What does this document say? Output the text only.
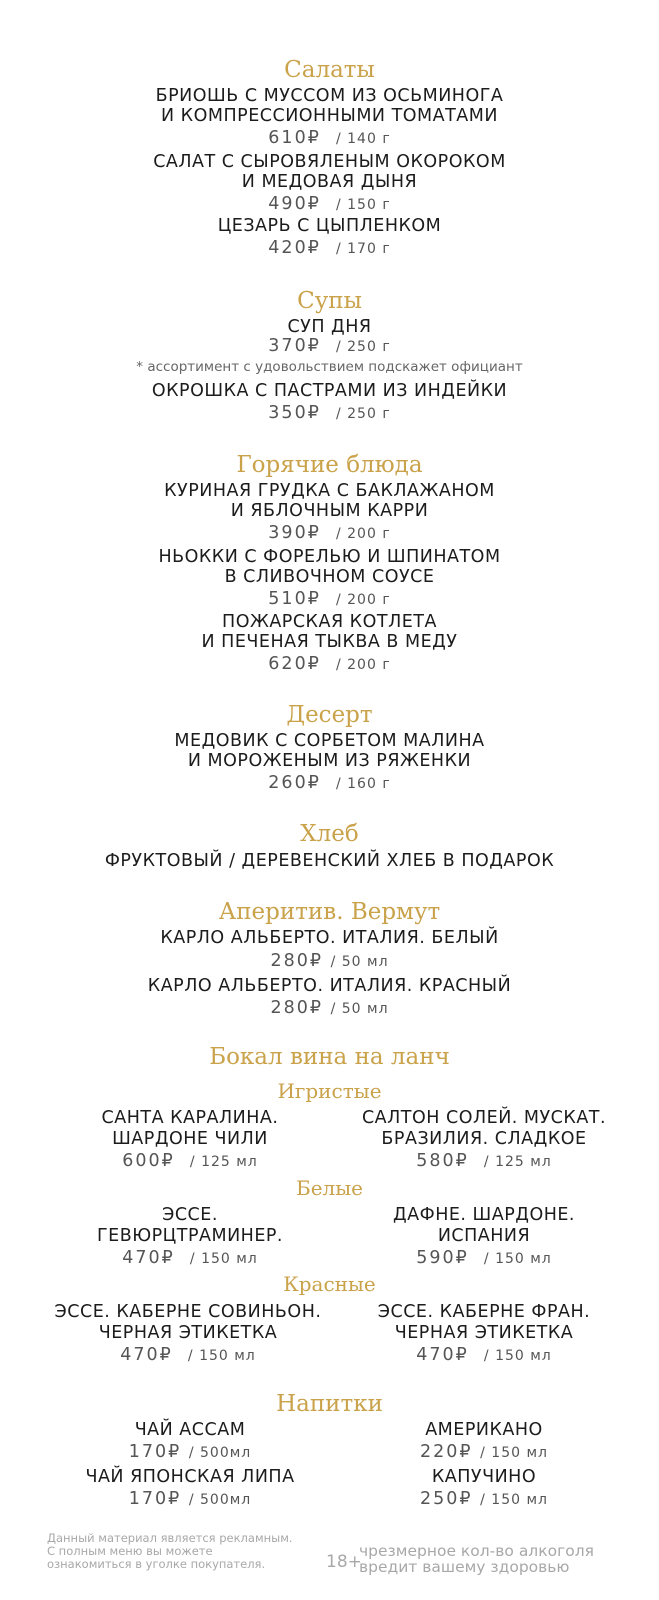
Салаты
БРИОШЬ С МУССОМ ИЗ ОСЬМИНОГА
И КОМПРЕССИОННЫМИ ТОМАТАМИ
610₽ / 140 г
САЛАТ С СЫРОВЯЛЕНЫМ ОКОРОКОМ
И МЕДОВАЯ ДЫНЯ
490₽ / 150 г
ЦЕЗАРЬ С ЦЫПЛЕНКОМ
420₽ / 170 г
Супы
СУП ДНЯ
370₽ / 250 г
* ассортимент с удовольствием подскажет официант
ОКРОШКА С ПАСТРАМИ ИЗ ИНДЕЙКИ
350₽ / 250 г
Горячие блюда
КУРИНАЯ ГРУДКА С БАКЛАЖАНОМ
И ЯБЛОЧНЫМ КАРРИ
390₽ / 200 г
НЬОККИ С ФОРЕЛЬЮ И ШПИНАТОМ
В СЛИВОЧНОМ СОУСЕ
510₽ / 200 г
ПОЖАРСКАЯ КОТЛЕТА
И ПЕЧЕНАЯ ТЫКВА В МЕДУ
620₽ / 200 г
Десерт
МЕДОВИК С СОРБЕТОМ МАЛИНА
И МОРОЖЕНЫМ ИЗ РЯЖЕНКИ
260₽ / 160 г
Хлеб
ФРУКТОВЫЙ / ДЕРЕВЕНСКИЙ ХЛЕБ В ПОДАРОК
Аперитив. Вермут
КАРЛО АЛЬБЕРТО. ИТАЛИЯ. БЕЛЫЙ
280₽ / 50 мл
КАРЛО АЛЬБЕРТО. ИТАЛИЯ. КРАСНЫЙ
280₽ / 50 мл
Бокал вина на ланч
Игристые
САНТА КАРАЛИНА.
ШАРДОНЕ ЧИЛИ
600₽ / 125 мл
САЛТОН СОЛЕЙ. МУСКАТ.
БРАЗИЛИЯ. СЛАДКОЕ
580₽ / 125 мл
Белые
ЭССЕ.
ГЕВЮРЦТРАМИНЕР.
470₽ / 150 мл
ДАФНЕ. ШАРДОНЕ.
ИСПАНИЯ
590₽ / 150 мл
Красные
ЭССЕ. КАБЕРНЕ СОВИНЬОН.
ЧЕРНАЯ ЭТИКЕТКА
470₽ / 150 мл
ЭССЕ. КАБЕРНЕ ФРАН.
ЧЕРНАЯ ЭТИКЕТКА
470₽ / 150 мл
Напитки
ЧАЙ АССАМ
170₽ / 500мл
АМЕРИКАНО
220₽ / 150 мл
ЧАЙ ЯПОНСКАЯ ЛИПА
170₽ / 500мл
КАПУЧИНО
250₽ / 150 мл
Данный материал является рекламным.
С полным меню вы можете
ознакомиться в уголке покупателя.	18+
чрезмерное кол-во алкоголя
вредит вашему здоровью
